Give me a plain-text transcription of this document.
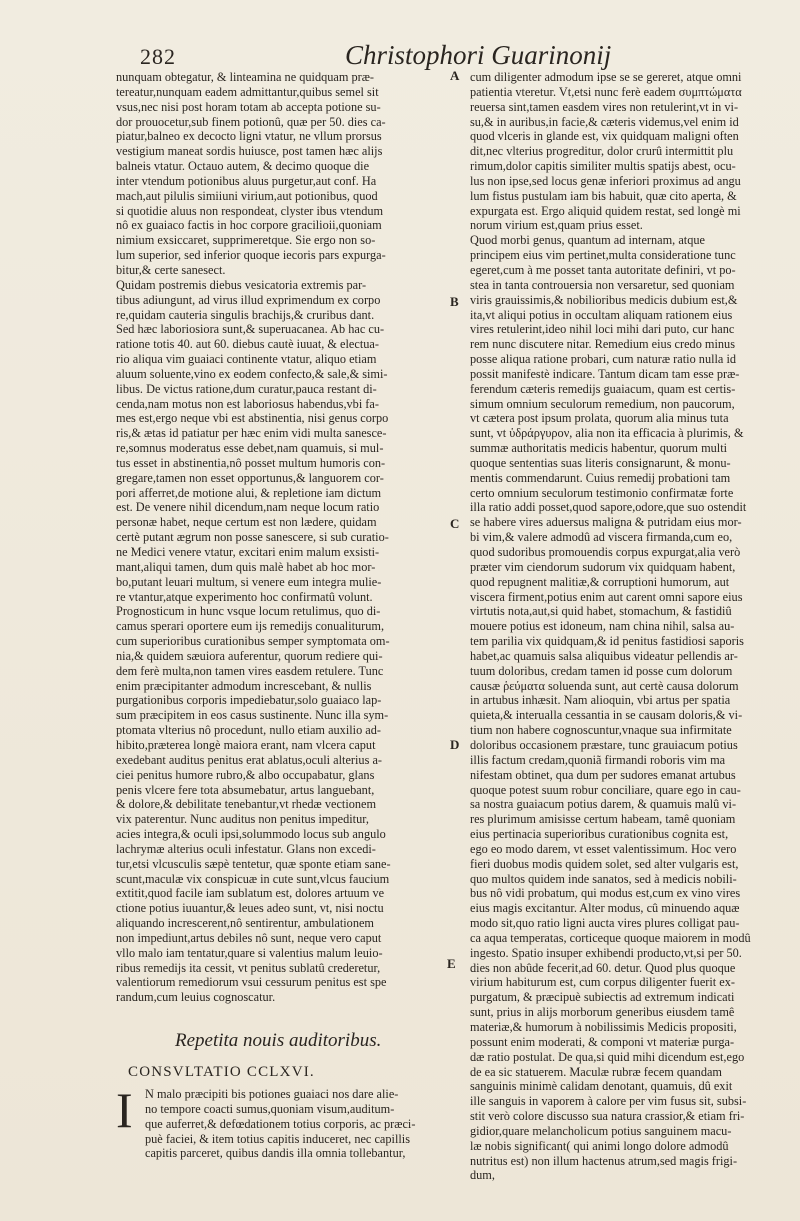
282	Christophori Guarinonij
nunquam obtegatur, & linteamina ne quidquam præ-
tereatur,nunquam eadem admittantur,quibus semel sit
vsus,nec nisi post horam totam ab accepta potione su-
dor prouocetur,sub finem potionû, quæ per 50. dies ca-
piatur,balneo ex decocto ligni vtatur, ne vllum prorsus
vestigium maneat sordis huiusce, post tamen hæc alijs
balneis vtatur. Octauo autem, & decimo quoque die
inter vtendum potionibus aluus purgetur,aut conf. Ha
mach,aut pilulis simiiuni virium,aut potionibus, quod
si quotidie aluus non respondeat, clyster ibus vtendum
nô ex guaiaco factis in hoc corpore gracilioii,quoniam
nimium exsiccaret, supprimeretque. Sie ergo non so-
lum superior, sed inferior quoque iecoris pars expurga-
bitur,& certe sanesect.
Quidam postremis diebus vesicatoria extremis par-
tibus adiungunt, ad virus illud exprimendum ex corpo
re,quidam cauteria singulis brachijs,& cruribus dant.
Sed hæc laboriosiora sunt,& superuacanea. Ab hac cu-
ratione totis 40. aut 60. diebus cautè iuuat, & electua-
rio aliqua vim guaiaci continente vtatur, aliquo etiam
aluum soluente,vino ex eodem confecto,& sale,& simi-
libus. De victus ratione,dum curatur,pauca restant di-
cenda,nam motus non est laboriosus habendus,vbi fa-
mes est,ergo neque vbi est abstinentia, nisi genus corpo
ris,& ætas id patiatur per hæc enim vidi multa sanesce-
re,somnus moderatus esse debet,nam quamuis, si mul-
tus esset in abstinentia,nô posset multum humoris con-
gregare,tamen non esset opportunus,& languorem cor-
pori afferret,de motione alui, & repletione iam dictum
est. De venere nihil dicendum,nam neque locum ratio
personæ habet, neque certum est non lædere, quidam
certè putant ægrum non posse sanescere, si sub curatio-
ne Medici venere vtatur, excitari enim malum exsisti-
mant,aliqui tamen, dum quis malè habet ab hoc mor-
bo,putant leuari multum, si venere eum integra mulie-
re vtantur,atque experimento hoc confirmatû volunt.
Prognosticum in hunc vsque locum retulimus, quo di-
camus sperari oportere eum ijs remedijs conualiturum,
cum superioribus curationibus semper symptomata om-
nia,& quidem sæuiora auferentur, quorum rediere qui-
dem ferè multa,non tamen vires easdem retulere. Tunc
enim præcipitanter admodum increscebant, & nullis
purgationibus corporis impediebatur,solo guaiaco lap-
sum præcipitem in eos casus sustinente. Nunc illa sym-
ptomata vlterius nô procedunt, nullo etiam auxilio ad-
hibito,præterea longè maiora erant, nam vlcera caput
exedebant auditus penitus erat ablatus,oculi alterius a-
ciei penitus humore rubro,& albo occupabatur, glans
penis vlcere fere tota absumebatur, artus languebant,
& dolore,& debilitate tenebantur,vt rhedæ vectionem
vix paterentur. Nunc auditus non penitus impeditur,
acies integra,& oculi ipsi,solummodo locus sub angulo
lachrymæ alterius oculi infestatur. Glans non excedi-
tur,etsi vlcusculis sæpè tentetur, quæ sponte etiam sane-
scunt,maculæ vix conspicuæ in cute sunt,vlcus faucium
extitit,quod facile iam sublatum est, dolores artuum ve
ctione potius iuuantur,& leues adeo sunt, vt, nisi noctu
aliquando increscerent,nô sentirentur, ambulationem
non impediunt,artus debiles nô sunt, neque vero caput
vllo malo iam tentatur,quare si valentius malum leuio-
ribus remedijs ita cessit, vt penitus sublatû crederetur,
valentiorum remediorum vsui cessurum penitus est spe
randum,cum leuius cognoscatur.
cum diligenter admodum ipse se se gereret, atque omni
patientia vteretur. Vt,etsi nunc ferè eadem συμπτώματα
reuersa sint,tamen easdem vires non retulerint,vt in vi-
su,& in auribus,in facie,& cæteris videmus,vel enim id
quod vlceris in glande est, vix quidquam maligni often
dit,nec vlterius progreditur, dolor crurû intermittit plu
rimum,dolor capitis similiter multis spatijs abest, ocu-
lus non ipse,sed locus genæ inferiori proximus ad angu
lum fistus pustulam iam bis habuit, quæ cito aperta, &
expurgata est. Ergo aliquid quidem restat, sed longè mi
norum virium est,quam prius esset.
Quod morbi genus, quantum ad internam, atque
principem eius vim pertinet,multa consideratione tunc
egeret,cum à me posset tanta autoritate definiri, vt po-
stea in tanta controuersia non versaretur, sed quoniam
viris grauissimis,& nobilioribus medicis dubium est,&
ita,vt aliqui potius in occultam aliquam rationem eius
vires retulerint,ideo nihil loci mihi dari puto, cur hanc
rem nunc discutere nitar. Remedium eius credo minus
posse aliqua ratione probari, cum naturæ ratio nulla id
possit manifestè indicare. Tantum dicam tam esse præ-
ferendum cæteris remedijs guaiacum, quam est certis-
simum omnium seculorum remedium, non paucorum,
vt cætera post ipsum prolata, quorum alia minus tuta
sunt, vt ὑδράργυρον, alia non ita efficacia à plurimis, &
summæ authoritatis medicis habentur, quorum multi
quoque sententias suas literis consignarunt, & monu-
mentis commendarunt. Cuius remedij probationi tam
certo omnium seculorum testimonio confirmatæ forte
illa ratio addi posset,quod sapore,odore,que suo ostendit
se habere vires aduersus maligna & putridam eius mor-
bi vim,& valere admodû ad viscera firmanda,cum eo,
quod sudoribus promouendis corpus expurgat,alia verò
præter vim ciendorum sudorum vix quidquam habent,
quod repugnent malitiæ,& corruptioni humorum, aut
viscera firment,potius enim aut carent omni sapore eius
virtutis nota,aut,si quid habet, stomachum, & fastidiû
mouere potius est idoneum, nam china nihil, salsa au-
tem parilia vix quidquam,& id penitus fastidiosi saporis
habet,ac quamuis salsa aliquibus videatur pellendis ar-
tuum doloribus, credam tamen id posse cum dolorum
causæ ῥεύματα soluenda sunt, aut certè causa dolorum
in artubus inhæsit. Nam alioquin, vbi artus per spatia
quieta,& interualla cessantia in se causam doloris,& vi-
tium non habere cognoscuntur,vnaque sua infirmitate
doloribus occasionem præstare, tunc grauiacum potius
illis factum credam,quoniã firmandi roboris vim ma
nifestam obtinet, qua dum per sudores emanat artubus
quoque potest suum robur conciliare, quare ego in cau-
sa nostra guaiacum potius darem, & quamuis malû vi-
res plurimum amisisse certum habeam, tamê quoniam
eius pertinacia superioribus curationibus cognita est,
ego eo modo darem, vt esset valentissimum. Hoc vero
fieri duobus modis quidem solet, sed alter vulgaris est,
quo multos quidem inde sanatos, sed à medicis nobili-
bus nô vidi probatum, qui modus est,cum ex vino vires
eius magis excitantur. Alter modus, cû minuendo aquæ
modo sit,quo ratio ligni aucta vires plures colligat pau-
ca aqua temperatas, corticeque quoque maiorem in modû
ingesto. Spatio insuper exhibendi producto,vt,si per 50.
dies non abûde fecerit,ad 60. detur. Quod plus quoque
virium habiturum est, cum corpus diligenter fuerit ex-
purgatum, & præcipuè subiectis ad extremum indicati
sunt, prius in alijs morborum generibus eiusdem tamê
materiæ,& humorum à nobilissimis Medicis propositi,
possunt enim moderati, & componi vt materiæ purga-
dæ ratio postulat. De qua,si quid mihi dicendum est,ego
de ea sic statuerem. Maculæ rubræ fecem quandam
sanguinis minimè calidam denotant, quamuis, dû exit
ille sanguis in vaporem à calore per vim fusus sit, subsi-
stit verò colore discusso sua natura crassior,& etiam fri-
gidior,quare melancholicum potius sanguinem macu-
læ nobis significant( qui animi longo dolore admodû
nutritus est) non illum hactenus atrum,sed magis frigi-
dum,
A
B
C
D
E
Repetita nouis auditoribus.
CONSVLTATIO CCLXVI.
I N malo præcipiti bis potiones guaiaci nos dare alie-
no tempore coacti sumus,quoniam visum,auditum-
que auferret,& defœdationem totius corporis, ac præci-
puè faciei, & item totius capitis induceret, nec capillis
capitis parceret, quibus dandis illa omnia tollebantur,
